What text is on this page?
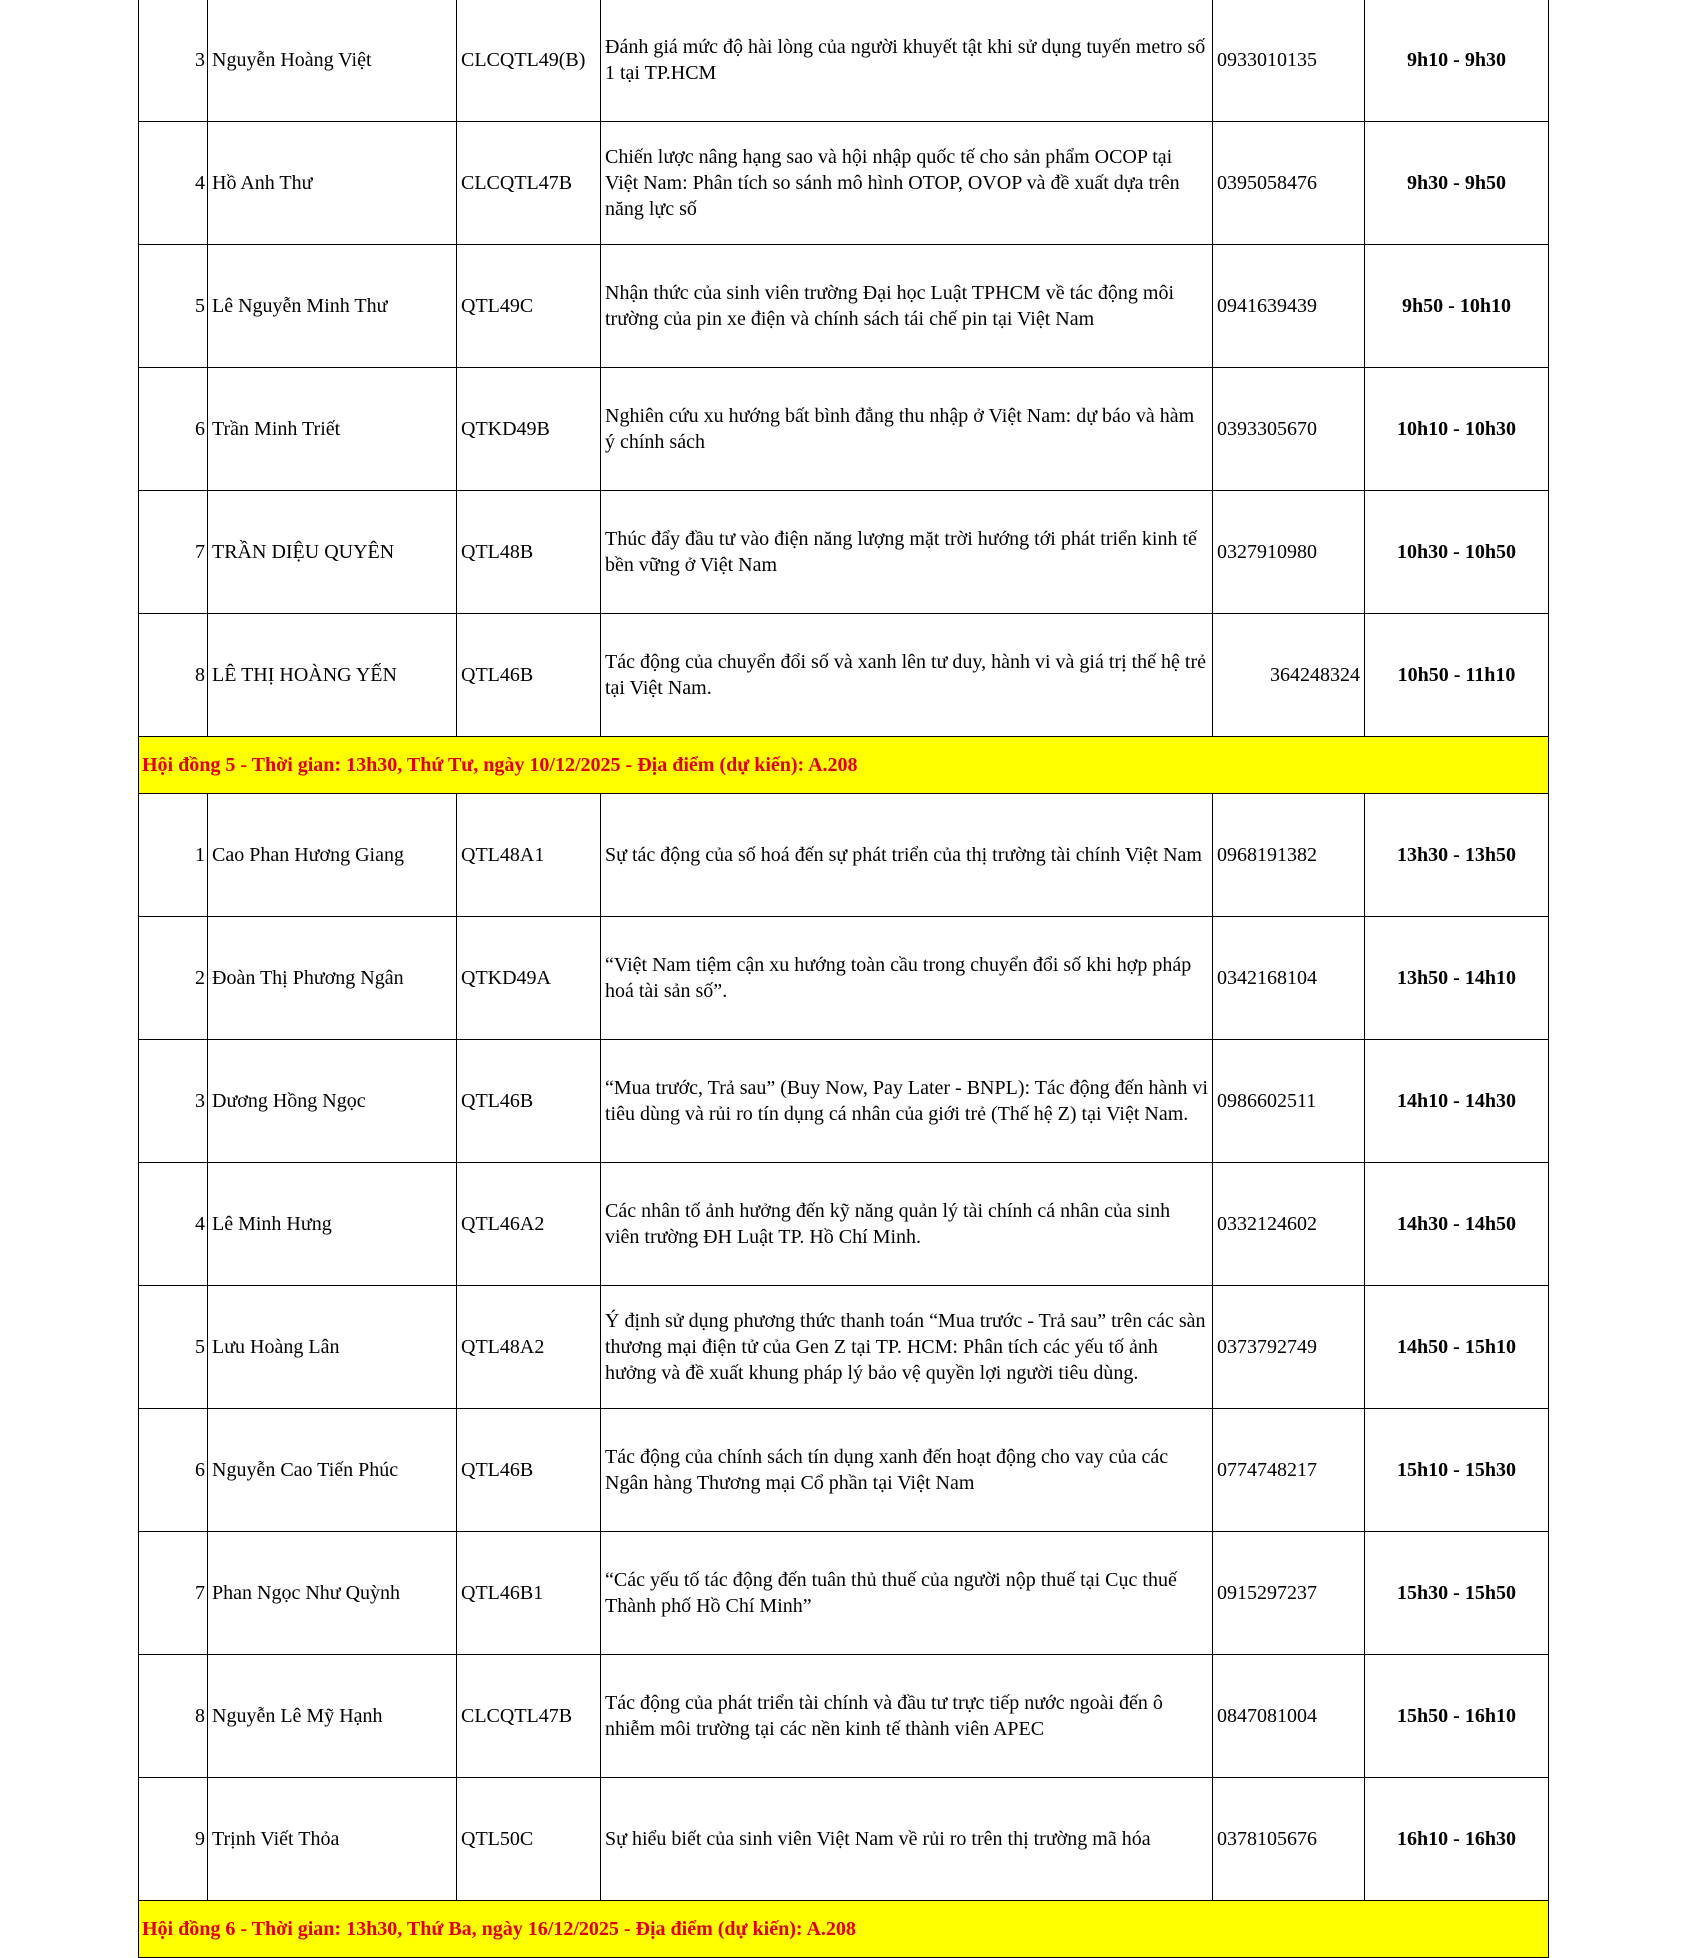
3	Nguyễn Hoàng Việt	CLCQTL49(B)	Đánh giá mức độ hài lòng của người khuyết tật khi sử dụng tuyến metro số 1 tại TP.HCM	0933010135	9h10 - 9h30
4	Hồ Anh Thư	CLCQTL47B	Chiến lược nâng hạng sao và hội nhập quốc tế cho sản phẩm OCOP tại Việt Nam: Phân tích so sánh mô hình OTOP, OVOP và đề xuất dựa trên năng lực số	0395058476	9h30 - 9h50
5	Lê Nguyễn Minh Thư	QTL49C	Nhận thức của sinh viên trường Đại học Luật TPHCM về tác động môi trường của pin xe điện và chính sách tái chế pin tại Việt Nam	0941639439	9h50 - 10h10
6	Trần Minh Triết	QTKD49B	Nghiên cứu xu hướng bất bình đẳng thu nhập ở Việt Nam: dự báo và hàm ý chính sách	0393305670	10h10 - 10h30
7	TRẦN DIỆU QUYÊN	QTL48B	Thúc đẩy đầu tư vào điện năng lượng mặt trời hướng tới phát triển kinh tế bền vững ở Việt Nam	0327910980	10h30 - 10h50
8	LÊ THỊ HOÀNG YẾN	QTL46B	Tác động của chuyển đổi số và xanh lên tư duy, hành vi và giá trị thế hệ trẻ tại Việt Nam.	364248324	10h50 - 11h10
Hội đồng 5 - Thời gian: 13h30, Thứ Tư, ngày 10/12/2025 - Địa điểm (dự kiến): A.208					
1	Cao Phan Hương Giang	QTL48A1	Sự tác động của số hoá đến sự phát triển của thị trường tài chính Việt Nam	0968191382	13h30 - 13h50
2	Đoàn Thị Phương Ngân	QTKD49A	“Việt Nam tiệm cận xu hướng toàn cầu trong chuyển đổi số khi hợp pháp hoá tài sản số”.	0342168104	13h50 - 14h10
3	Dương Hồng Ngọc	QTL46B	“Mua trước, Trả sau” (Buy Now, Pay Later - BNPL): Tác động đến hành vi tiêu dùng và rủi ro tín dụng cá nhân của giới trẻ (Thế hệ Z) tại Việt Nam.	0986602511	14h10 - 14h30
4	Lê Minh Hưng	QTL46A2	Các nhân tố ảnh hưởng đến kỹ năng quản lý tài chính cá nhân của sinh viên trường ĐH Luật TP. Hồ Chí Minh.	0332124602	14h30 - 14h50
5	Lưu Hoàng Lân	QTL48A2	Ý định sử dụng phương thức thanh toán “Mua trước - Trả sau” trên các sàn thương mại điện tử của Gen Z tại TP. HCM: Phân tích các yếu tố ảnh hưởng và đề xuất khung pháp lý bảo vệ quyền lợi người tiêu dùng.	0373792749	14h50 - 15h10
6	Nguyễn Cao Tiến Phúc	QTL46B	Tác động của chính sách tín dụng xanh đến hoạt động cho vay của các Ngân hàng Thương mại Cổ phần tại Việt Nam	0774748217	15h10 - 15h30
7	Phan Ngọc Như Quỳnh	QTL46B1	“Các yếu tố tác động đến tuân thủ thuế của người nộp thuế tại Cục thuế Thành phố Hồ Chí Minh”	0915297237	15h30 - 15h50
8	Nguyễn Lê Mỹ Hạnh	CLCQTL47B	Tác động của phát triển tài chính và đầu tư trực tiếp nước ngoài đến ô nhiễm môi trường tại các nền kinh tế thành viên APEC	0847081004	15h50 - 16h10
9	Trịnh Viết Thỏa	QTL50C	Sự hiểu biết của sinh viên Việt Nam về rủi ro trên thị trường mã hóa	0378105676	16h10 - 16h30
Hội đồng 6 - Thời gian: 13h30, Thứ Ba, ngày 16/12/2025 - Địa điểm (dự kiến): A.208					
